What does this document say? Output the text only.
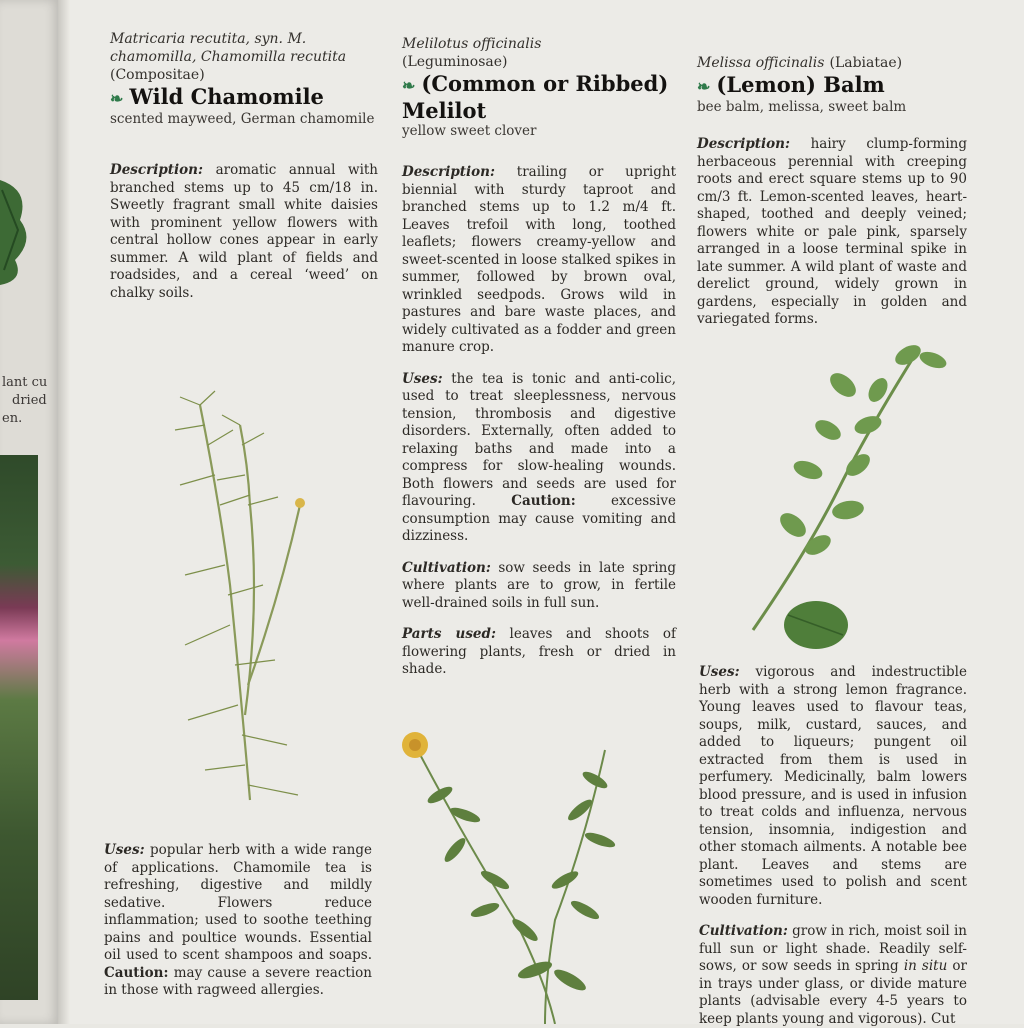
lant cu
dried
en.
Matricaria recutita, syn. M. chamomilla, Chamomilla recutita
(Compositae)
❧ Wild Chamomile
scented mayweed, German chamomile
Description: aromatic annual with branched stems up to 45 cm/18 in. Sweetly fragrant small white daisies with prominent yellow flowers with central hollow cones appear in early summer. A wild plant of fields and roadsides, and a cereal ‘weed’ on chalky soils.
Uses: popular herb with a wide range of applications. Chamomile tea is refreshing, digestive and mildly sedative. Flowers reduce inflammation; used to soothe teething pains and poultice wounds. Essential oil used to scent shampoos and soaps. Caution: may cause a severe reaction in those with ragweed allergies.
Melilotus officinalis
(Leguminosae)
❧ (Common or Ribbed) Melilot
yellow sweet clover
Description: trailing or upright biennial with sturdy taproot and branched stems up to 1.2 m/4 ft. Leaves trefoil with long, toothed leaflets; flowers creamy-yellow and sweet-scented in loose stalked spikes in summer, followed by brown oval, wrinkled seedpods. Grows wild in pastures and bare waste places, and widely cultivated as a fodder and green manure crop.
Uses: the tea is tonic and anti-colic, used to treat sleeplessness, nervous tension, thrombosis and digestive disorders. Externally, often added to relaxing baths and made into a compress for slow-healing wounds. Both flowers and seeds are used for flavouring.	Caution:	excessive consumption may cause vomiting and dizziness.
Cultivation: sow seeds in late spring where plants are to grow, in fertile well-drained soils in full sun.
Parts used: leaves and shoots of flowering plants, fresh or dried in shade.
Melissa officinalis (Labiatae)
❧ (Lemon) Balm
bee balm, melissa, sweet balm
Description: hairy clump-forming herbaceous perennial with creeping roots and erect square stems up to 90 cm/3 ft. Lemon-scented leaves, heart-shaped, toothed and deeply veined; flowers white or pale pink, sparsely arranged in a loose terminal spike in late summer. A wild plant of waste and derelict ground, widely grown in gardens, especially in golden and variegated forms.
Uses: vigorous and indestructible herb with a strong lemon fragrance. Young leaves used to flavour teas, soups, milk, custard, sauces, and added to liqueurs; pungent oil extracted from them is used in perfumery. Medicinally, balm lowers blood pressure, and is used in infusion to treat colds and influenza, nervous tension, insomnia, indigestion and other stomach ailments. A notable bee plant. Leaves and stems are sometimes used to polish and scent wooden furniture.
Cultivation: grow in rich, moist soil in full sun or light shade. Readily self-sows, or sow seeds in spring in situ or in trays under glass, or divide mature plants (advisable every 4-5 years to keep plants young and vigorous). Cut
